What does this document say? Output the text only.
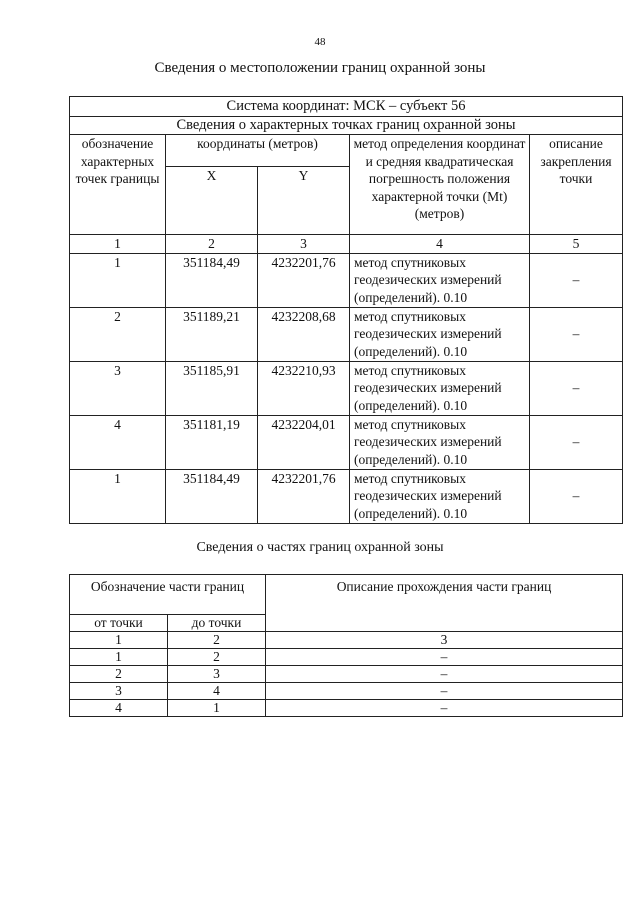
48
Сведения о местоположении границ охранной зоны
Система координат: МСК – субъект 56				
Сведения о характерных точках границ охранной зоны				
обозначение характерных точек границы	координаты (метров)		метод определения координат и средняя квадратическая погрешность положения характерной точки (Mt) (метров)	описание закрепления точки
	X	Y		
1	2	3	4	5
1	351184,49	4232201,76	метод спутниковых геодезических измерений (определений). 0.10	–
2	351189,21	4232208,68	метод спутниковых геодезических измерений (определений). 0.10	–
3	351185,91	4232210,93	метод спутниковых геодезических измерений (определений). 0.10	–
4	351181,19	4232204,01	метод спутниковых геодезических измерений (определений). 0.10	–
1	351184,49	4232201,76	метод спутниковых геодезических измерений (определений). 0.10	–
Сведения о частях границ охранной зоны
Обозначение части границ		Описание прохождения части границ
от точки	до точки	
1	2	3
1	2	–
2	3	–
3	4	–
4	1	–
